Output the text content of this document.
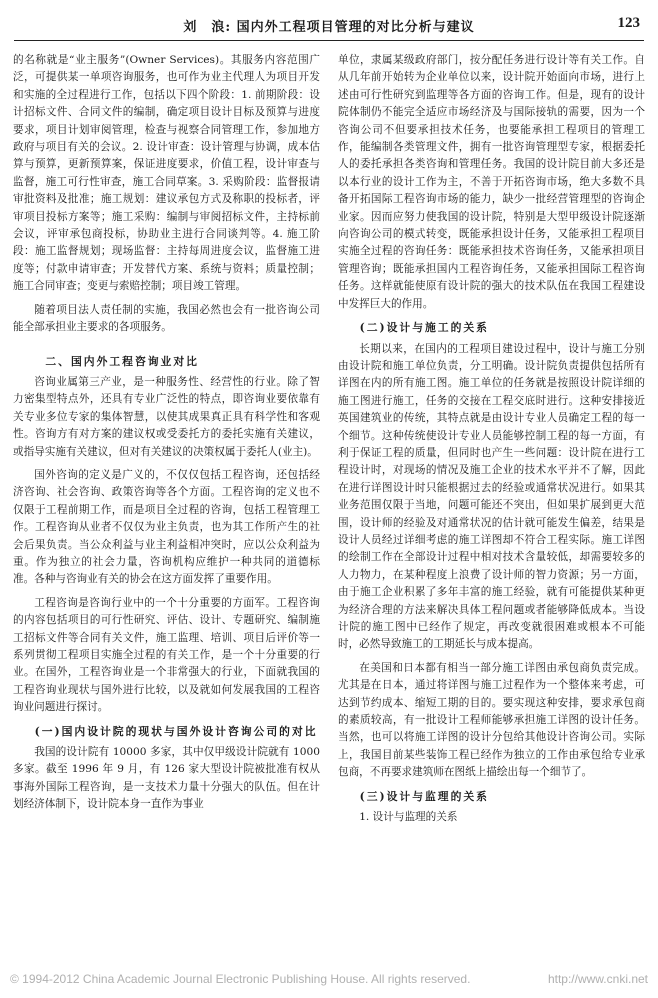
刘　浪: 国内外工程项目管理的对比分析与建议	123

的名称就是“业主服务”(Owner Services)。其服务内容范围广泛，可提供某一单项咨询服务，也可作为业主代理人为项目开发和实施的全过程进行工作，包括以下四个阶段：1. 前期阶段：设计招标文件、合同文件的编制，确定项目设计目标及预算与进度要求，项目计划审阅管理，检查与视察合同管理工作，参加地方政府与项目有关的会议。2. 设计审查：设计管理与协调，成本估算与预算，更新预算案，保证进度要求，价值工程，设计审查与监督，施工可行性审查，施工合同草案。3. 采购阶段：监督报请审批资料及批准；施工规划：建议承包方式及称职的投标者，评审项目投标方案等；施工采购：编制与审阅招标文件，主持标前会议，评审承包商投标，协助业主进行合同谈判等。4. 施工阶段：施工监督规划；现场监督：主持每周进度会议，监督施工进度等；付款申请审查；开发替代方案、系统与资料；质量控制；施工合同审查；变更与索赔控制；项目竣工管理。

随着项目法人责任制的实施，我国必然也会有一批咨询公司能全部承担业主要求的各项服务。

二、国内外工程咨询业对比

咨询业属第三产业，是一种服务性、经营性的行业。除了智力密集型特点外，还具有专业广泛性的特点，即咨询业要依靠有关专业多位专家的集体智慧，以使其成果真正具有科学性和客观性。咨询方有对方案的建议权或受委托方的委托实施有关建议，或指导实施有关建议，但对有关建议的决策权属于委托人(业主)。

国外咨询的定义是广义的，不仅仅包括工程咨询，还包括经济咨询、社会咨询、政策咨询等各个方面。工程咨询的定义也不仅限于工程前期工作，而是项目全过程的咨询，包括工程管理工作。工程咨询从业者不仅仅为业主负责，也为其工作所产生的社会后果负责。当公众利益与业主利益相冲突时，应以公众利益为重。作为独立的社会力量，咨询机构应维护一种共同的道德标准。各种与咨询业有关的协会在这方面发挥了重要作用。

工程咨询是咨询行业中的一个十分重要的方面军。工程咨询的内容包括项目的可行性研究、评估、设计、专题研究、编制施工招标文件等合同有关文件，施工监理、培训、项目后评价等一系列贯彻工程项目实施全过程的有关工作，是一个十分重要的行业。在国外，工程咨询业是一个非常强大的行业，下面就我国的工程咨询业现状与国外进行比较，以及就如何发展我国的工程咨询业问题进行探讨。

(一)国内设计院的现状与国外设计咨询公司的对比

我国的设计院有 10000 多家，其中仅甲级设计院就有 1000 多家。截至 1996 年 9 月，有 126 家大型设计院被批准有权从事海外国际工程咨询，是一支技术力量十分强大的队伍。但在计划经济体制下，设计院本身一直作为事业

单位，隶属某级政府部门，按分配任务进行设计等有关工作。自从几年前开始转为企业单位以来，设计院开始面向市场，进行上述由可行性研究到监理等各方面的咨询工作。但是，现有的设计院体制仍不能完全适应市场经济及与国际接轨的需要，因为一个咨询公司不但要承担技术任务，也要能承担工程项目的管理工作，能编制各类管理文件，拥有一批咨询管理型专家，根据委托人的委托承担各类咨询和管理任务。我国的设计院目前大多还是以本行业的设计工作为主，不善于开拓咨询市场，绝大多数不具备开拓国际工程咨询市场的能力，缺少一批经营管理型的咨询企业家。因而应努力使我国的设计院，特别是大型甲级设计院逐渐向咨询公司的模式转变，既能承担设计任务，又能承担工程项目实施全过程的咨询任务：既能承担技术咨询任务，又能承担项目管理咨询；既能承担国内工程咨询任务，又能承担国际工程咨询任务。这样就能使原有设计院的强大的技术队伍在我国工程建设中发挥巨大的作用。

(二)设计与施工的关系

长期以来，在国内的工程项目建设过程中，设计与施工分别由设计院和施工单位负责，分工明确。设计院负责提供包括所有详图在内的所有施工图。施工单位的任务就是按照设计院详细的施工图进行施工，任务的交接在工程交底时进行。这种安排接近英国建筑业的传统，其特点就是由设计专业人员确定工程的每一个细节。这种传统使设计专业人员能够控制工程的每一方面，有利于保证工程的质量，但同时也产生一些问题：设计院在进行工程设计时，对现场的情况及施工企业的技术水平并不了解，因此在进行详图设计时只能根据过去的经验或通常状况进行。如果其业务范围仅限于当地，问题可能还不突出，但如果扩展到更大范围，设计师的经验及对通常状况的估计就可能发生偏差，结果是设计人员经过详细考虑的施工详图却不符合工程实际。施工详图的绘制工作在全部设计过程中相对技术含量较低，却需要较多的人力物力，在某种程度上浪费了设计师的智力资源；另一方面，由于施工企业积累了多年丰富的施工经验，就有可能提供某种更为经济合理的方法来解决具体工程问题或者能够降低成本。当设计院的施工图中已经作了规定，再改变就很困难或根本不可能时，必然导致施工的工期延长与成本提高。

在美国和日本都有相当一部分施工详图由承包商负责完成。尤其是在日本，通过将详图与施工过程作为一个整体来考虑，可达到节约成本、缩短工期的目的。要实现这种安排，要求承包商的素质较高，有一批设计工程师能够承担施工详图的设计任务。当然，也可以将施工详图的设计分包给其他设计咨询公司。实际上，我国目前某些装饰工程已经作为独立的工作由承包给专业承包商，不再要求建筑师在图纸上描绘出每一个细节了。

(三)设计与监理的关系

1. 设计与监理的关系

© 1994-2012 China Academic Journal Electronic Publishing House. All rights reserved.	http://www.cnki.net
